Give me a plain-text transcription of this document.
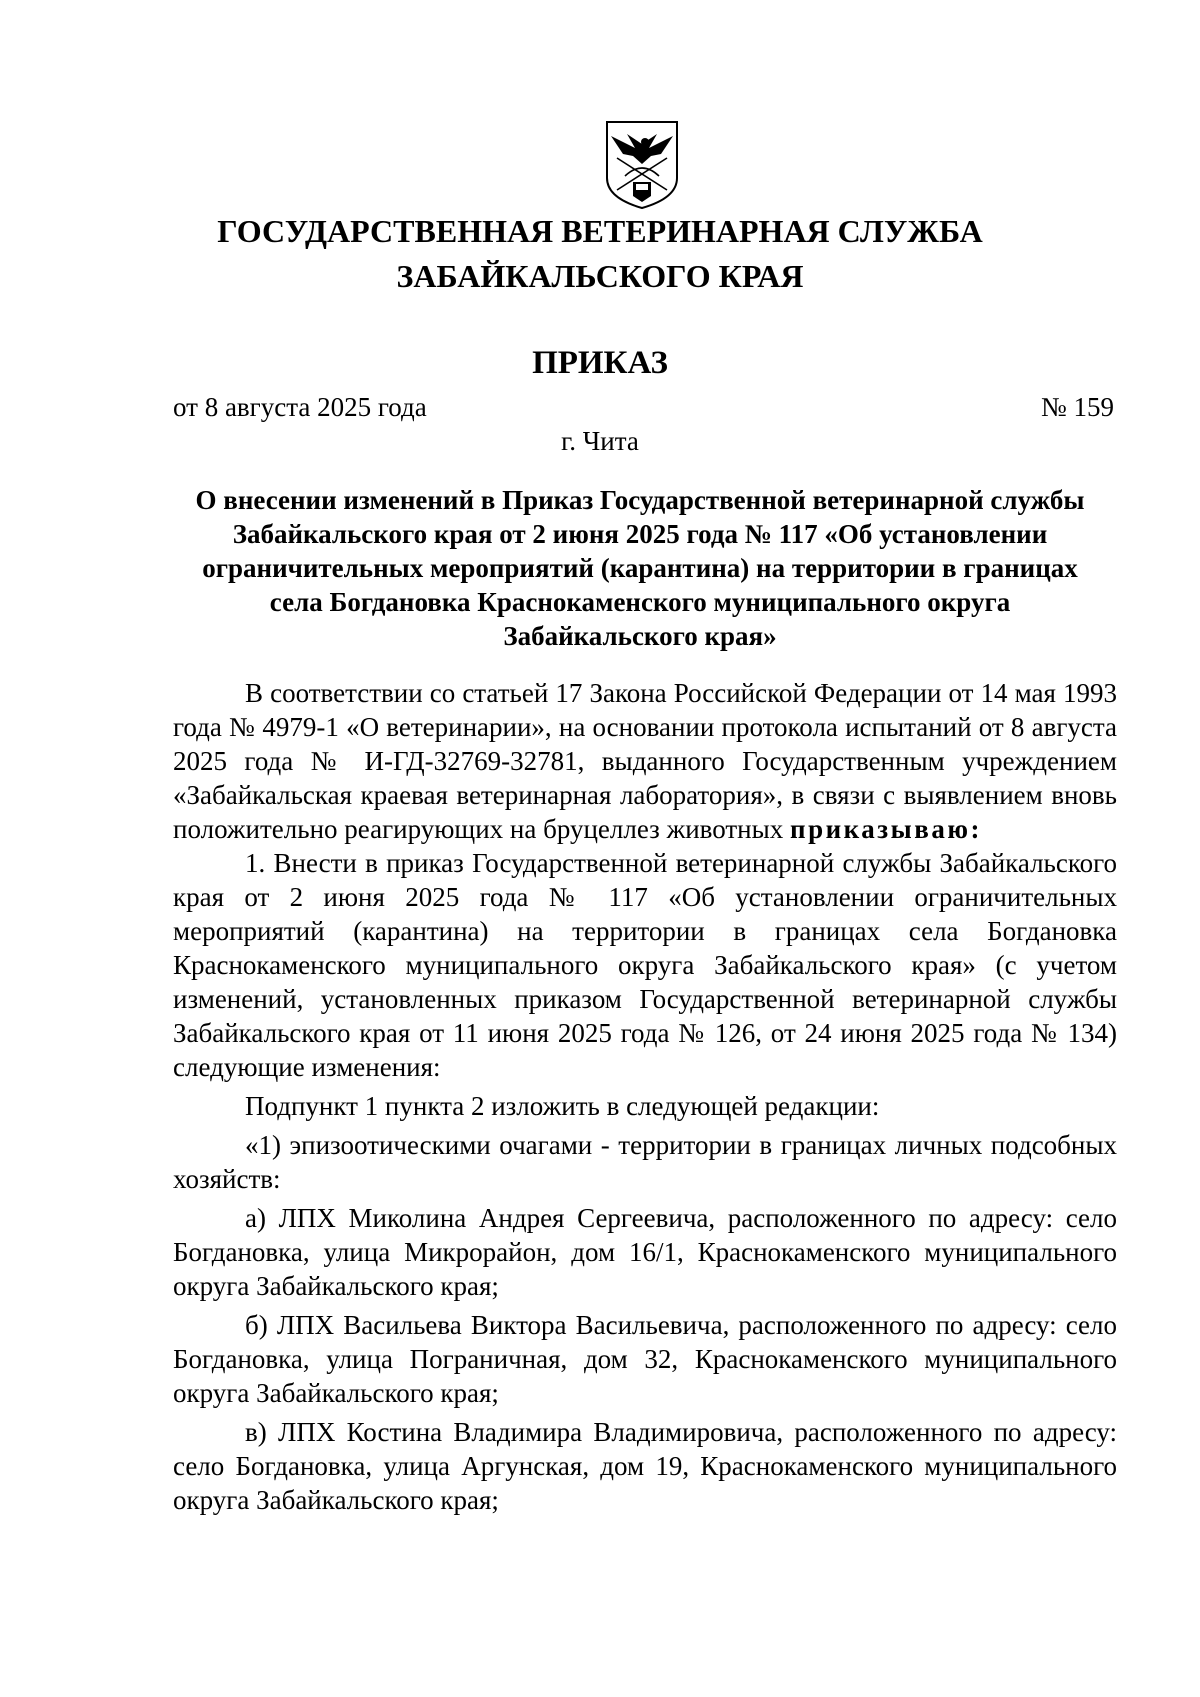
ГОСУДАРСТВЕННАЯ ВЕТЕРИНАРНАЯ СЛУЖБА
ЗАБАЙКАЛЬСКОГО КРАЯ
ПРИКАЗ
от 8 августа 2025 года	№ 159
г. Чита
О внесении изменений в Приказ Государственной ветеринарной службы
Забайкальского края от 2 июня 2025 года № 117 «Об установлении
ограничительных мероприятий (карантина) на территории в границах
села Богдановка Краснокаменского муниципального округа
Забайкальского края»

В соответствии со статьей 17 Закона Российской Федерации от 14 мая 1993 года № 4979-1 «О ветеринарии», на основании протокола испытаний от 8 августа 2025 года № И-ГД-32769-32781, выданного Государственным учреждением «Забайкальская краевая ветеринарная лаборатория», в связи с выявлением вновь положительно реагирующих на бруцеллез животных приказываю:

1. Внести в приказ Государственной ветеринарной службы Забайкальского края от 2 июня 2025 года № 117 «Об установлении ограничительных мероприятий (карантина) на территории в границах села Богдановка Краснокаменского муниципального округа Забайкальского края» (с учетом изменений, установленных приказом Государственной ветеринарной службы Забайкальского края от 11 июня 2025 года № 126, от 24 июня 2025 года № 134) следующие изменения:

Подпункт 1 пункта 2 изложить в следующей редакции:

«1) эпизоотическими очагами - территории в границах личных подсобных хозяйств:

а) ЛПХ Миколина Андрея Сергеевича, расположенного по адресу: село Богдановка, улица Микрорайон, дом 16/1, Краснокаменского муниципального округа Забайкальского края;

б) ЛПХ Васильева Виктора Васильевича, расположенного по адресу: село Богдановка, улица Пограничная, дом 32, Краснокаменского муниципального округа Забайкальского края;

в) ЛПХ Костина Владимира Владимировича, расположенного по адресу: село Богдановка, улица Аргунская, дом 19, Краснокаменского муниципального округа Забайкальского края;
